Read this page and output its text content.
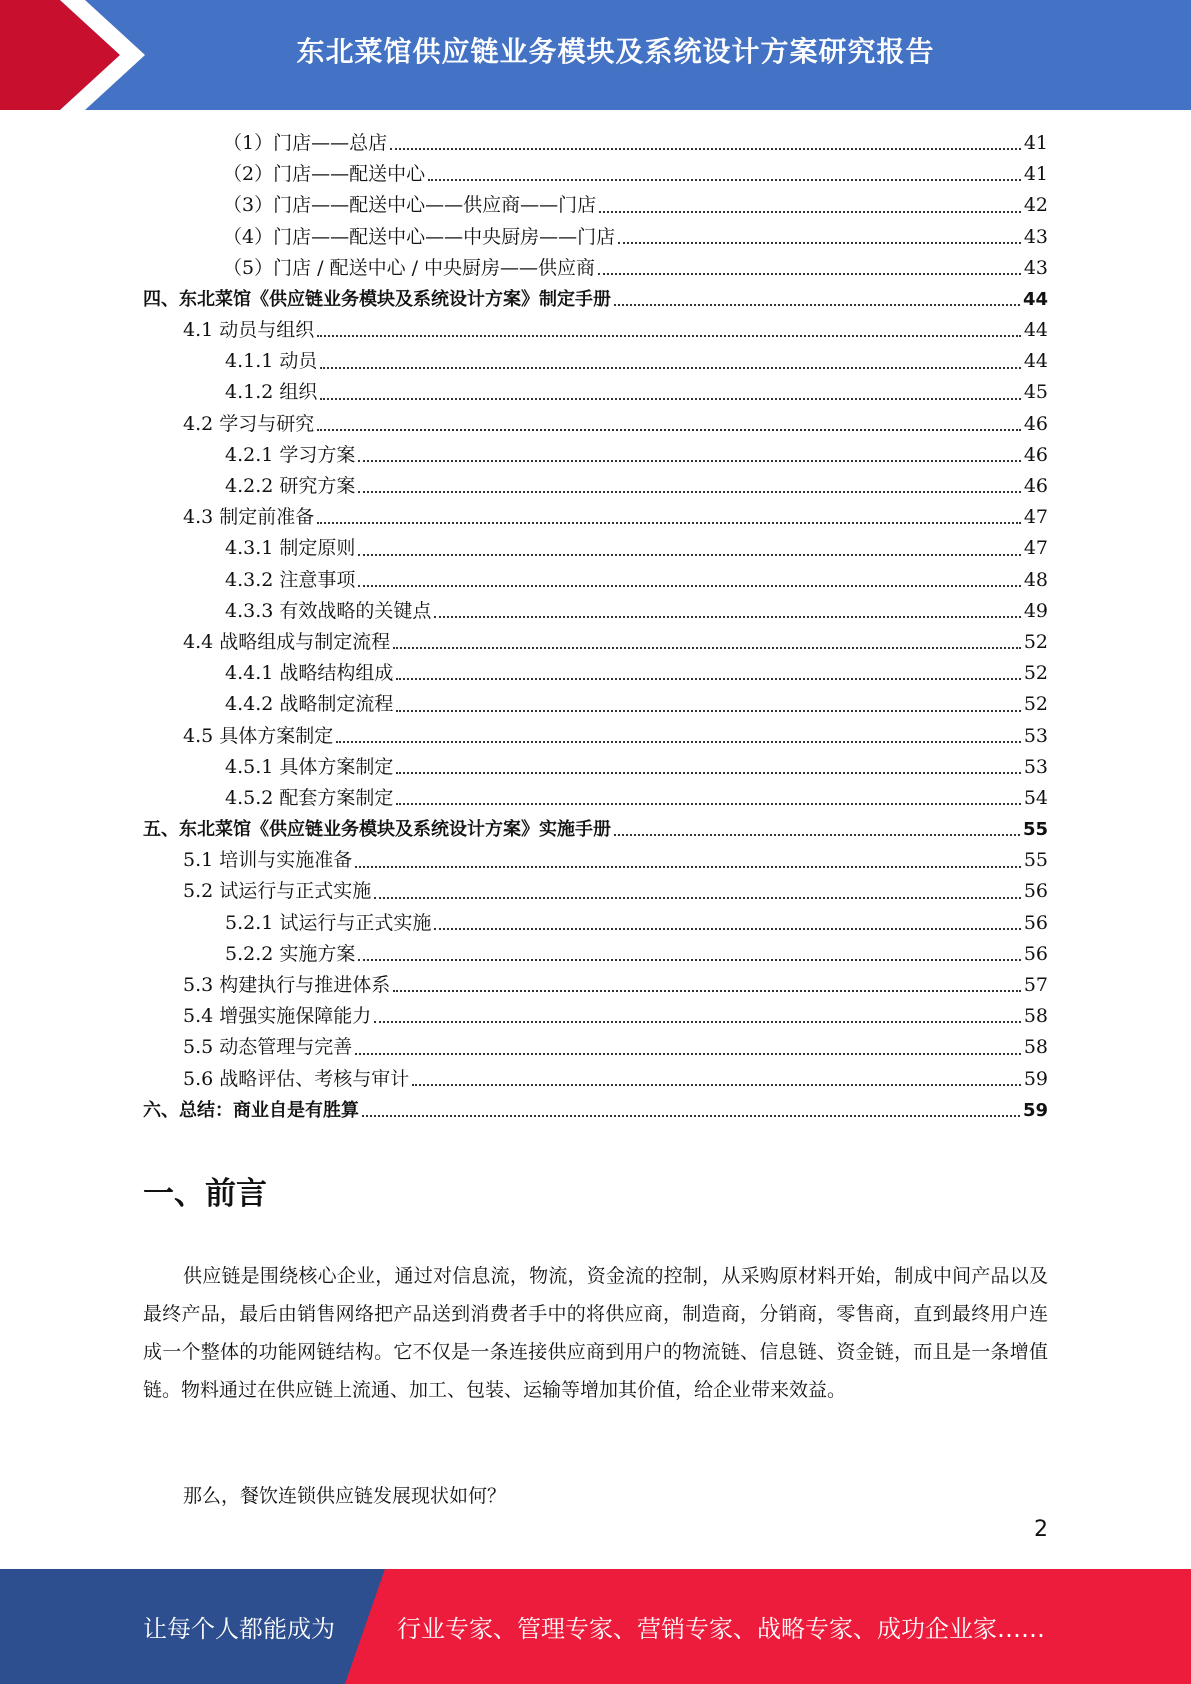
东北菜馆供应链业务模块及系统设计方案研究报告
（1）门店——总店	41
（2）门店——配送中心	41
（3）门店——配送中心——供应商——门店	42
（4）门店——配送中心——中央厨房——门店	43
（5）门店 / 配送中心 / 中央厨房——供应商	43
四、东北菜馆《供应链业务模块及系统设计方案》制定手册	44
4.1 动员与组织	44
4.1.1 动员	44
4.1.2 组织	45
4.2 学习与研究	46
4.2.1 学习方案	46
4.2.2 研究方案	46
4.3 制定前准备	47
4.3.1 制定原则	47
4.3.2 注意事项	48
4.3.3 有效战略的关键点	49
4.4 战略组成与制定流程	52
4.4.1 战略结构组成	52
4.4.2 战略制定流程	52
4.5 具体方案制定	53
4.5.1 具体方案制定	53
4.5.2 配套方案制定	54
五、东北菜馆《供应链业务模块及系统设计方案》实施手册	55
5.1 培训与实施准备	55
5.2 试运行与正式实施	56
5.2.1 试运行与正式实施	56
5.2.2 实施方案	56
5.3 构建执行与推进体系	57
5.4 增强实施保障能力	58
5.5 动态管理与完善	58
5.6 战略评估、考核与审计	59
六、总结：商业自是有胜算	59
一、前言
供应链是围绕核心企业，通过对信息流，物流，资金流的控制，从采购原材料开始，制成中间产品以及最终产品，最后由销售网络把产品送到消费者手中的将供应商，制造商，分销商，零售商，直到最终用户连成一个整体的功能网链结构。它不仅是一条连接供应商到用户的物流链、信息链、资金链，而且是一条增值链。物料通过在供应链上流通、加工、包装、运输等增加其价值，给企业带来效益。
那么，餐饮连锁供应链发展现状如何？
2
让每个人都能成为	行业专家、管理专家、营销专家、战略专家、成功企业家……
